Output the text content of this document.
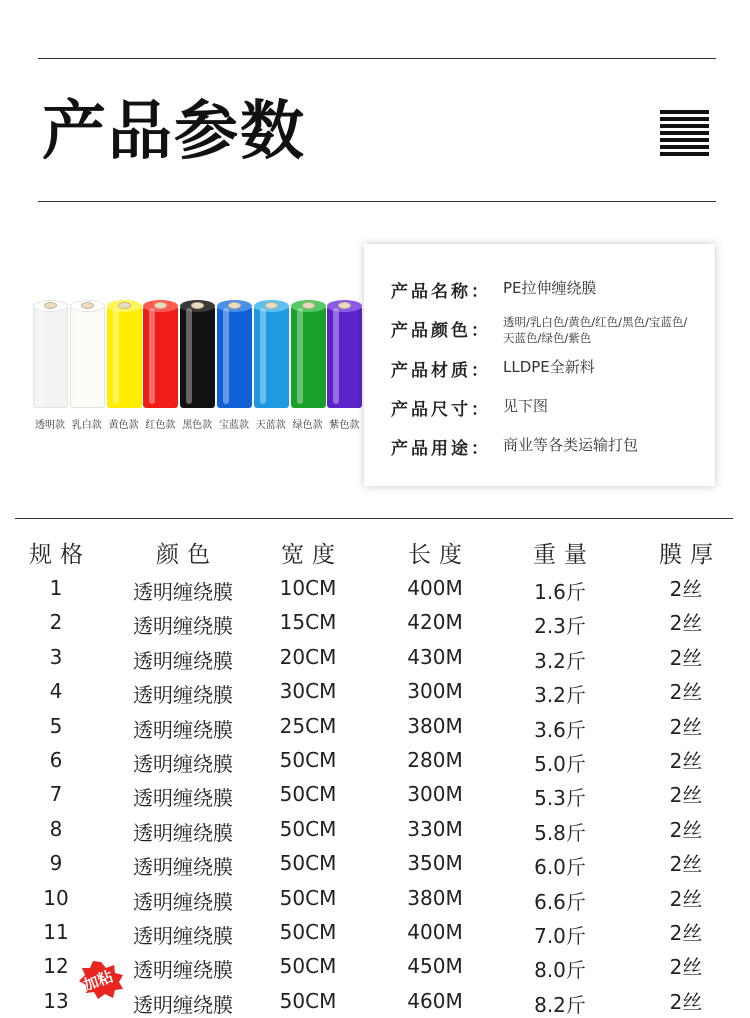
产品参数
透明款 乳白款 黄色款 红色款 黑色款 宝蓝款 天蓝款 绿色款 紫色款
产品名称： PE拉伸缠绕膜
产品颜色：	透明/乳白色/黄色/红色/黑色/宝蓝色/
天蓝色/绿色/紫色
产品材质： LLDPE全新料
产品尺寸： 见下图
产品用途： 商业等各类运输打包
规格	颜色	宽度	长度	重量	膜厚
1	透明缠绕膜 10CM	400M	1.6斤	2丝
2	透明缠绕膜 15CM	420M	2.3斤	2丝
3	透明缠绕膜 20CM	430M	3.2斤	2丝
4	透明缠绕膜 30CM	300M	3.2斤	2丝
5	透明缠绕膜 25CM	380M	3.6斤	2丝
6	透明缠绕膜 50CM	280M	5.0斤	2丝
7	透明缠绕膜 50CM	300M	5.3斤	2丝
8	透明缠绕膜 50CM	330M	5.8斤	2丝
9	透明缠绕膜 50CM	350M	6.0斤	2丝
10	透明缠绕膜 50CM	380M	6.6斤	2丝
11	透明缠绕膜 50CM	400M	7.0斤	2丝
12	透明缠绕膜 50CM	450M	8.0斤	2丝
13	透明缠绕膜 50CM	460M	8.2斤	2丝
加粘
